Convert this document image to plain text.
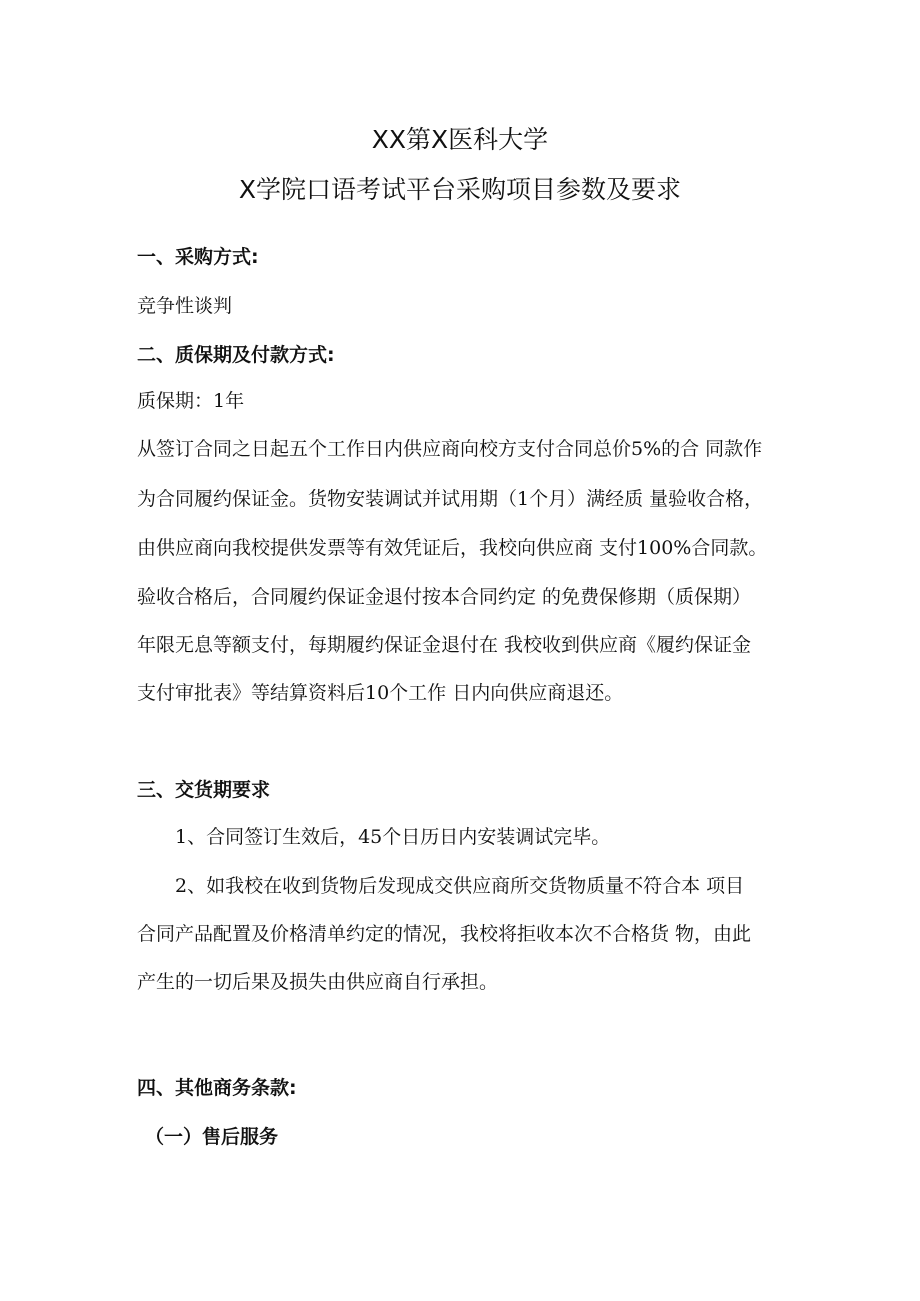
XX第X医科大学
X学院口语考试平台采购项目参数及要求

一、采购方式:

竞争性谈判

二、质保期及付款方式:

质保期：1年

从签订合同之日起五个工作日内供应商向校方支付合同总价5%的合 同款作

为合同履约保证金。货物安装调试并试用期（1个月）满经质 量验收合格，

由供应商向我校提供发票等有效凭证后，我校向供应商 支付100%合同款。

验收合格后，合同履约保证金退付按本合同约定 的免费保修期（质保期）

年限无息等额支付，每期履约保证金退付在 我校收到供应商《履约保证金

支付审批表》等结算资料后10个工作 日内向供应商退还。

三、交货期要求

1、合同签订生效后，45个日历日内安装调试完毕。

2、如我校在收到货物后发现成交供应商所交货物质量不符合本 项目

合同产品配置及价格清单约定的情况，我校将拒收本次不合格货 物，由此

产生的一切后果及损失由供应商自行承担。

四、其他商务条款:

（一）售后服务
